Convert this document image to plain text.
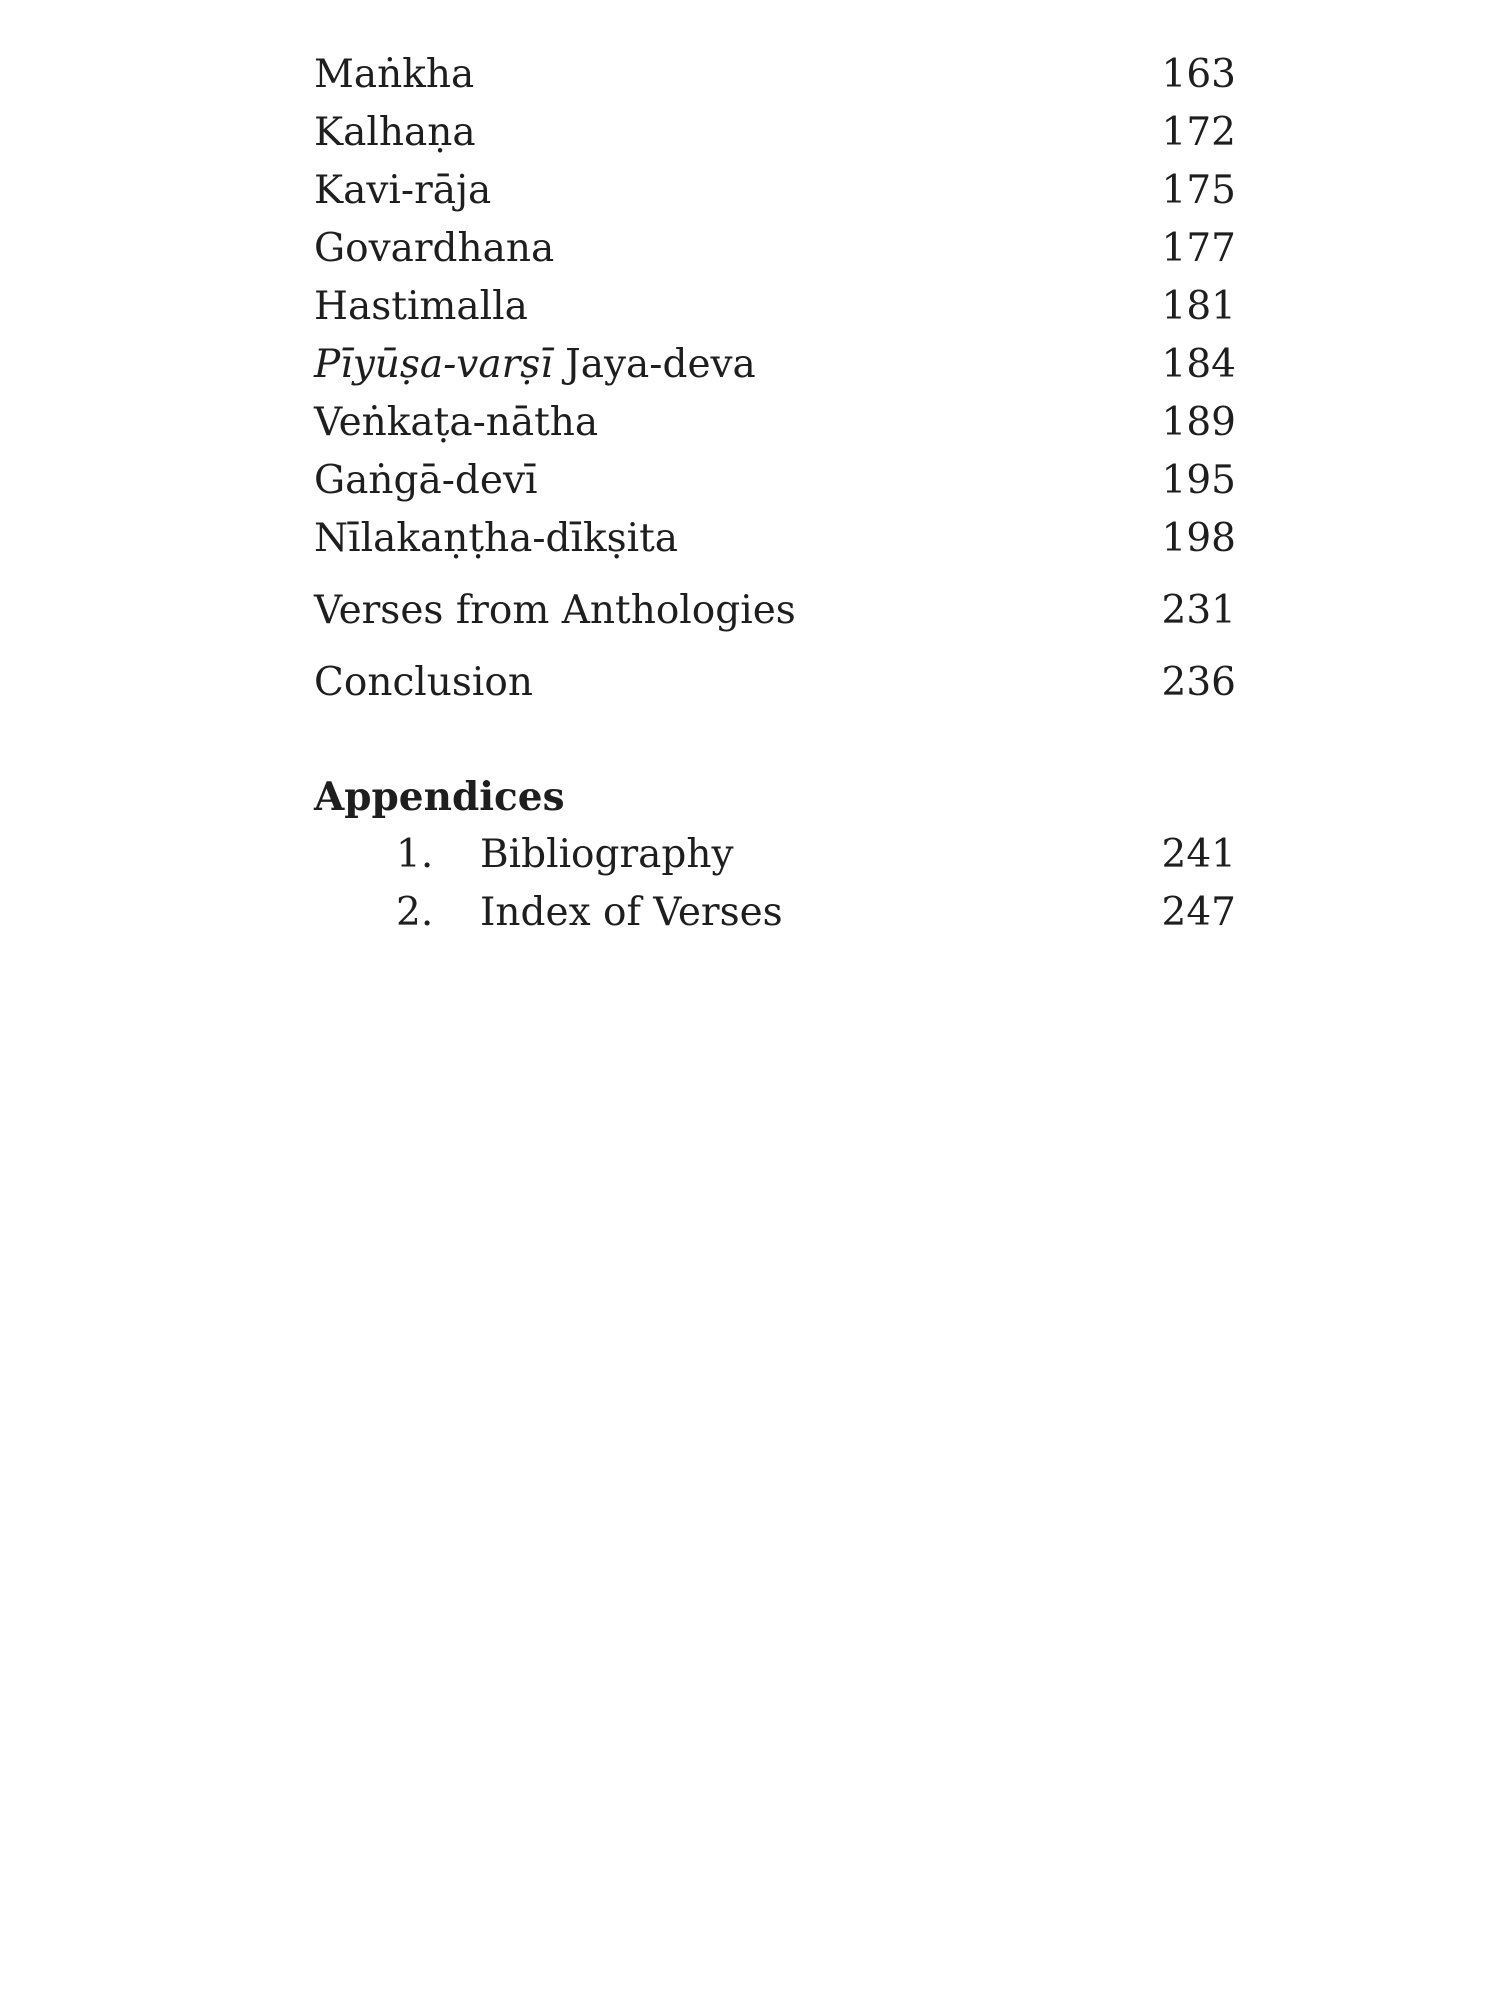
Maṅkha	163
Kalhaṇa	172
Kavi-rāja	175
Govardhana	177
Hastimalla	181
Pīyūṣa-varṣī Jaya-deva	184
Veṅkaṭa-nātha	189
Gaṅgā-devī	195
Nīlakaṇṭha-dīkṣita	198
Verses from Anthologies	231
Conclusion	236
Appendices
1.	Bibliography	241
2.	Index of Verses	247
